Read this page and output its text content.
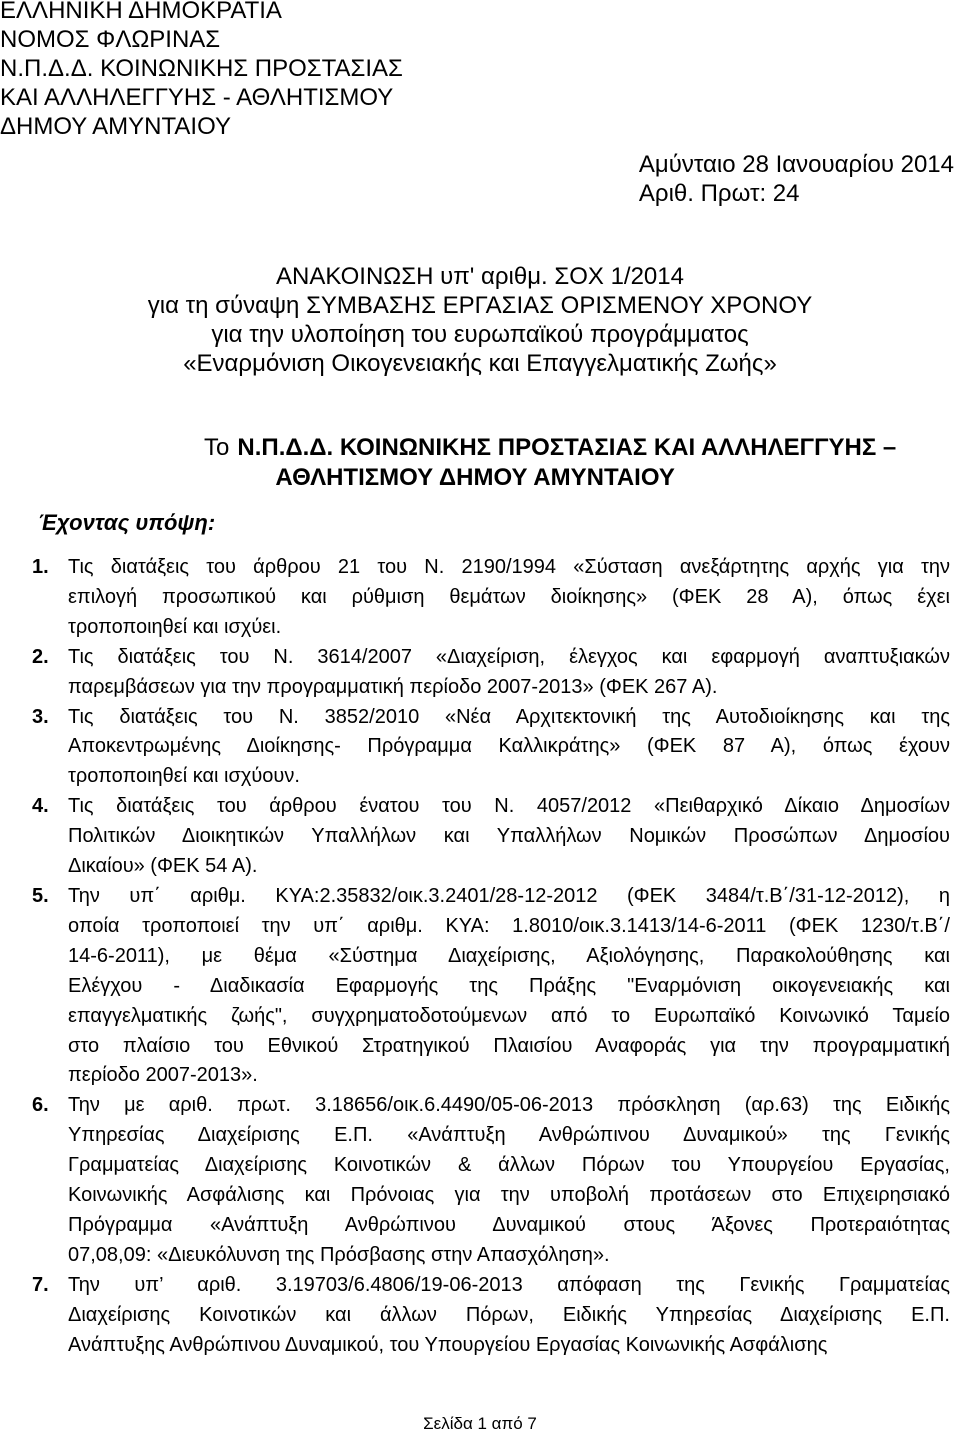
ΕΛΛΗΝΙΚΗ ΔΗΜΟΚΡΑΤΙΑ
ΝΟΜΟΣ ΦΛΩΡΙΝΑΣ
Ν.Π.Δ.Δ. ΚΟΙΝΩΝΙΚΗΣ ΠΡΟΣΤΑΣΙΑΣ
ΚΑΙ ΑΛΛΗΛΕΓΓΥΗΣ - ΑΘΛΗΤΙΣΜΟΥ
ΔΗΜΟΥ ΑΜΥΝΤΑΙΟΥ
Αμύνταιο 28 Ιανουαρίου 2014
Αριθ. Πρωτ: 24
ΑΝΑΚΟΙΝΩΣΗ υπ' αριθμ. ΣΟΧ 1/2014
για τη σύναψη ΣΥΜΒΑΣΗΣ ΕΡΓΑΣΙΑΣ ΟΡΙΣΜΕΝΟΥ ΧΡΟΝΟΥ
για την υλοποίηση του ευρωπαϊκού προγράμματος
«Εναρμόνιση Οικογενειακής και Επαγγελματικής Ζωής»
Το Ν.Π.Δ.Δ. ΚΟΙΝΩΝΙΚΗΣ ΠΡΟΣΤΑΣΙΑΣ ΚΑΙ ΑΛΛΗΛΕΓΓΥΗΣ –
ΑΘΛΗΤΙΣΜΟΥ ΔΗΜΟΥ ΑΜΥΝΤΑΙΟΥ
Έχοντας υπόψη:
1. Τις διατάξεις του άρθρου 21 του Ν. 2190/1994 «Σύσταση ανεξάρτητης αρχής για την
επιλογή προσωπικού και ρύθμιση θεμάτων διοίκησης» (ΦΕΚ 28 Α), όπως έχει
τροποποιηθεί και ισχύει.
2. Τις διατάξεις του Ν. 3614/2007 «Διαχείριση, έλεγχος και εφαρμογή αναπτυξιακών
παρεμβάσεων για την προγραμματική περίοδο 2007-2013» (ΦΕΚ 267 Α).
3. Τις διατάξεις του Ν. 3852/2010 «Νέα Αρχιτεκτονική της Αυτοδιοίκησης και της
Αποκεντρωμένης Διοίκησης- Πρόγραμμα Καλλικράτης» (ΦΕΚ 87 Α), όπως έχουν
τροποποιηθεί και ισχύουν.
4. Τις διατάξεις του άρθρου ένατου του Ν. 4057/2012 «Πειθαρχικό Δίκαιο Δημοσίων
Πολιτικών Διοικητικών Υπαλλήλων και Υπαλλήλων Νομικών Προσώπων Δημοσίου
Δικαίου» (ΦΕΚ 54 Α).
5. Την υπ΄ αριθμ. ΚΥΑ:2.35832/οικ.3.2401/28-12-2012 (ΦΕΚ 3484/τ.Β΄/31-12-2012), η
οποία τροποποιεί την υπ΄ αριθμ. ΚΥΑ: 1.8010/οικ.3.1413/14-6-2011 (ΦΕΚ 1230/τ.Β΄/
14-6-2011), με θέμα «Σύστημα Διαχείρισης, Αξιολόγησης, Παρακολούθησης και
Ελέγχου - Διαδικασία Εφαρμογής της Πράξης "Εναρμόνιση οικογενειακής και
επαγγελματικής ζωής", συγχρηματοδοτούμενων από το Ευρωπαϊκό Κοινωνικό Ταμείο
στο πλαίσιο του Εθνικού Στρατηγικού Πλαισίου Αναφοράς για την προγραμματική
περίοδο 2007-2013».
6. Την με αριθ. πρωτ. 3.18656/οικ.6.4490/05-06-2013 πρόσκληση (αρ.63) της Ειδικής
Υπηρεσίας Διαχείρισης Ε.Π. «Ανάπτυξη Ανθρώπινου Δυναμικού» της Γενικής
Γραμματείας Διαχείρισης Κοινοτικών & άλλων Πόρων του Υπουργείου Εργασίας,
Κοινωνικής Ασφάλισης και Πρόνοιας για την υποβολή προτάσεων στο Επιχειρησιακό
Πρόγραμμα «Ανάπτυξη Ανθρώπινου Δυναμικού στους Άξονες Προτεραιότητας
07,08,09: «Διευκόλυνση της Πρόσβασης στην Απασχόληση».
7. Την υπ’ αριθ. 3.19703/6.4806/19-06-2013 απόφαση της Γενικής Γραμματείας
Διαχείρισης Κοινοτικών και άλλων Πόρων, Ειδικής Υπηρεσίας Διαχείρισης Ε.Π.
Ανάπτυξης Ανθρώπινου Δυναμικού, του Υπουργείου Εργασίας Κοινωνικής Ασφάλισης
Σελίδα 1 από 7
